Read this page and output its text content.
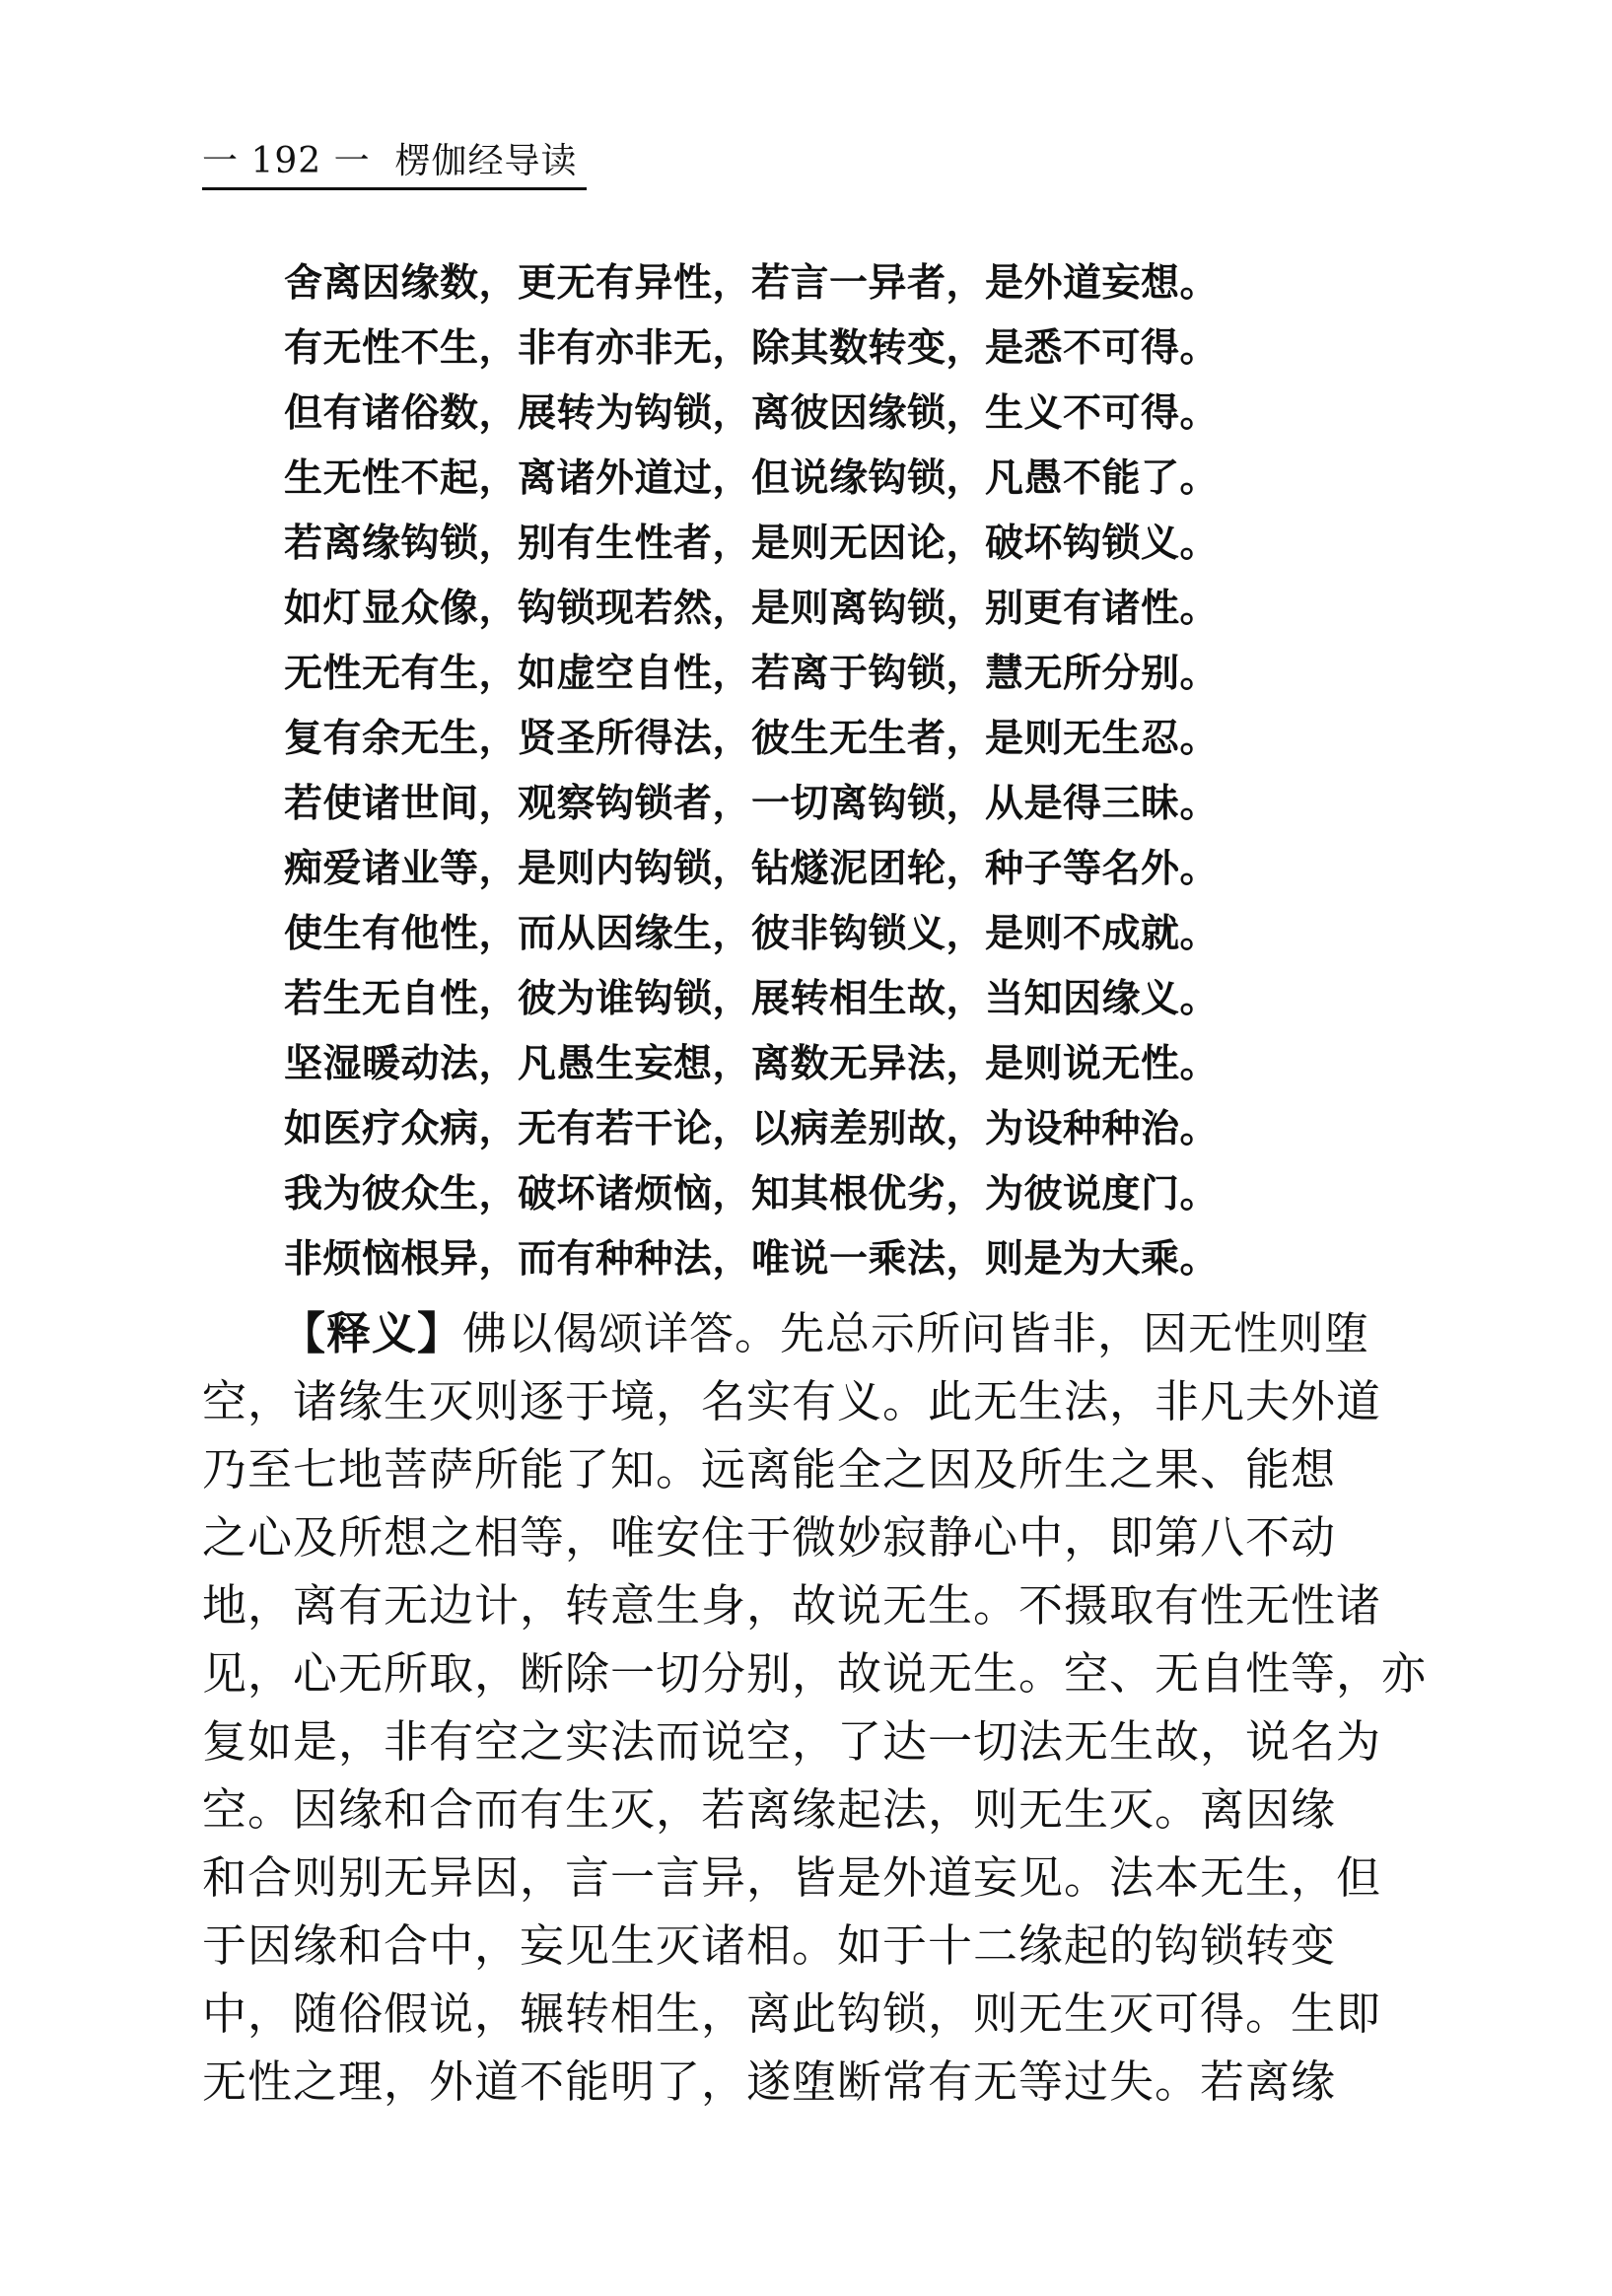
一 192 一  楞伽经导读
舍离因缘数，更无有异性，若言一异者，是外道妄想。
有无性不生，非有亦非无，除其数转变，是悉不可得。
但有诸俗数，展转为钩锁，离彼因缘锁，生义不可得。
生无性不起，离诸外道过，但说缘钩锁，凡愚不能了。
若离缘钩锁，别有生性者，是则无因论，破坏钩锁义。
如灯显众像，钩锁现若然，是则离钩锁，别更有诸性。
无性无有生，如虚空自性，若离于钩锁，慧无所分别。
复有余无生，贤圣所得法，彼生无生者，是则无生忍。
若使诸世间，观察钩锁者，一切离钩锁，从是得三昧。
痴爱诸业等，是则内钩锁，钻燧泥团轮，种子等名外。
使生有他性，而从因缘生，彼非钩锁义，是则不成就。
若生无自性，彼为谁钩锁，展转相生故，当知因缘义。
坚湿暖动法，凡愚生妄想，离数无异法，是则说无性。
如医疗众病，无有若干论，以病差别故，为设种种治。
我为彼众生，破坏诸烦恼，知其根优劣，为彼说度门。
非烦恼根异，而有种种法，唯说一乘法，则是为大乘。
【释义】佛以偈颂详答。先总示所问皆非，因无性则堕
空，诸缘生灭则逐于境，名实有义。此无生法，非凡夫外道
乃至七地菩萨所能了知。远离能全之因及所生之果、能想
之心及所想之相等，唯安住于微妙寂静心中，即第八不动
地，离有无边计，转意生身，故说无生。不摄取有性无性诸
见，心无所取，断除一切分别，故说无生。空、无自性等，亦
复如是，非有空之实法而说空，了达一切法无生故，说名为
空。因缘和合而有生灭，若离缘起法，则无生灭。离因缘
和合则别无异因，言一言异，皆是外道妄见。法本无生，但
于因缘和合中，妄见生灭诸相。如于十二缘起的钩锁转变
中，随俗假说，辗转相生，离此钩锁，则无生灭可得。生即
无性之理，外道不能明了，遂堕断常有无等过失。若离缘
